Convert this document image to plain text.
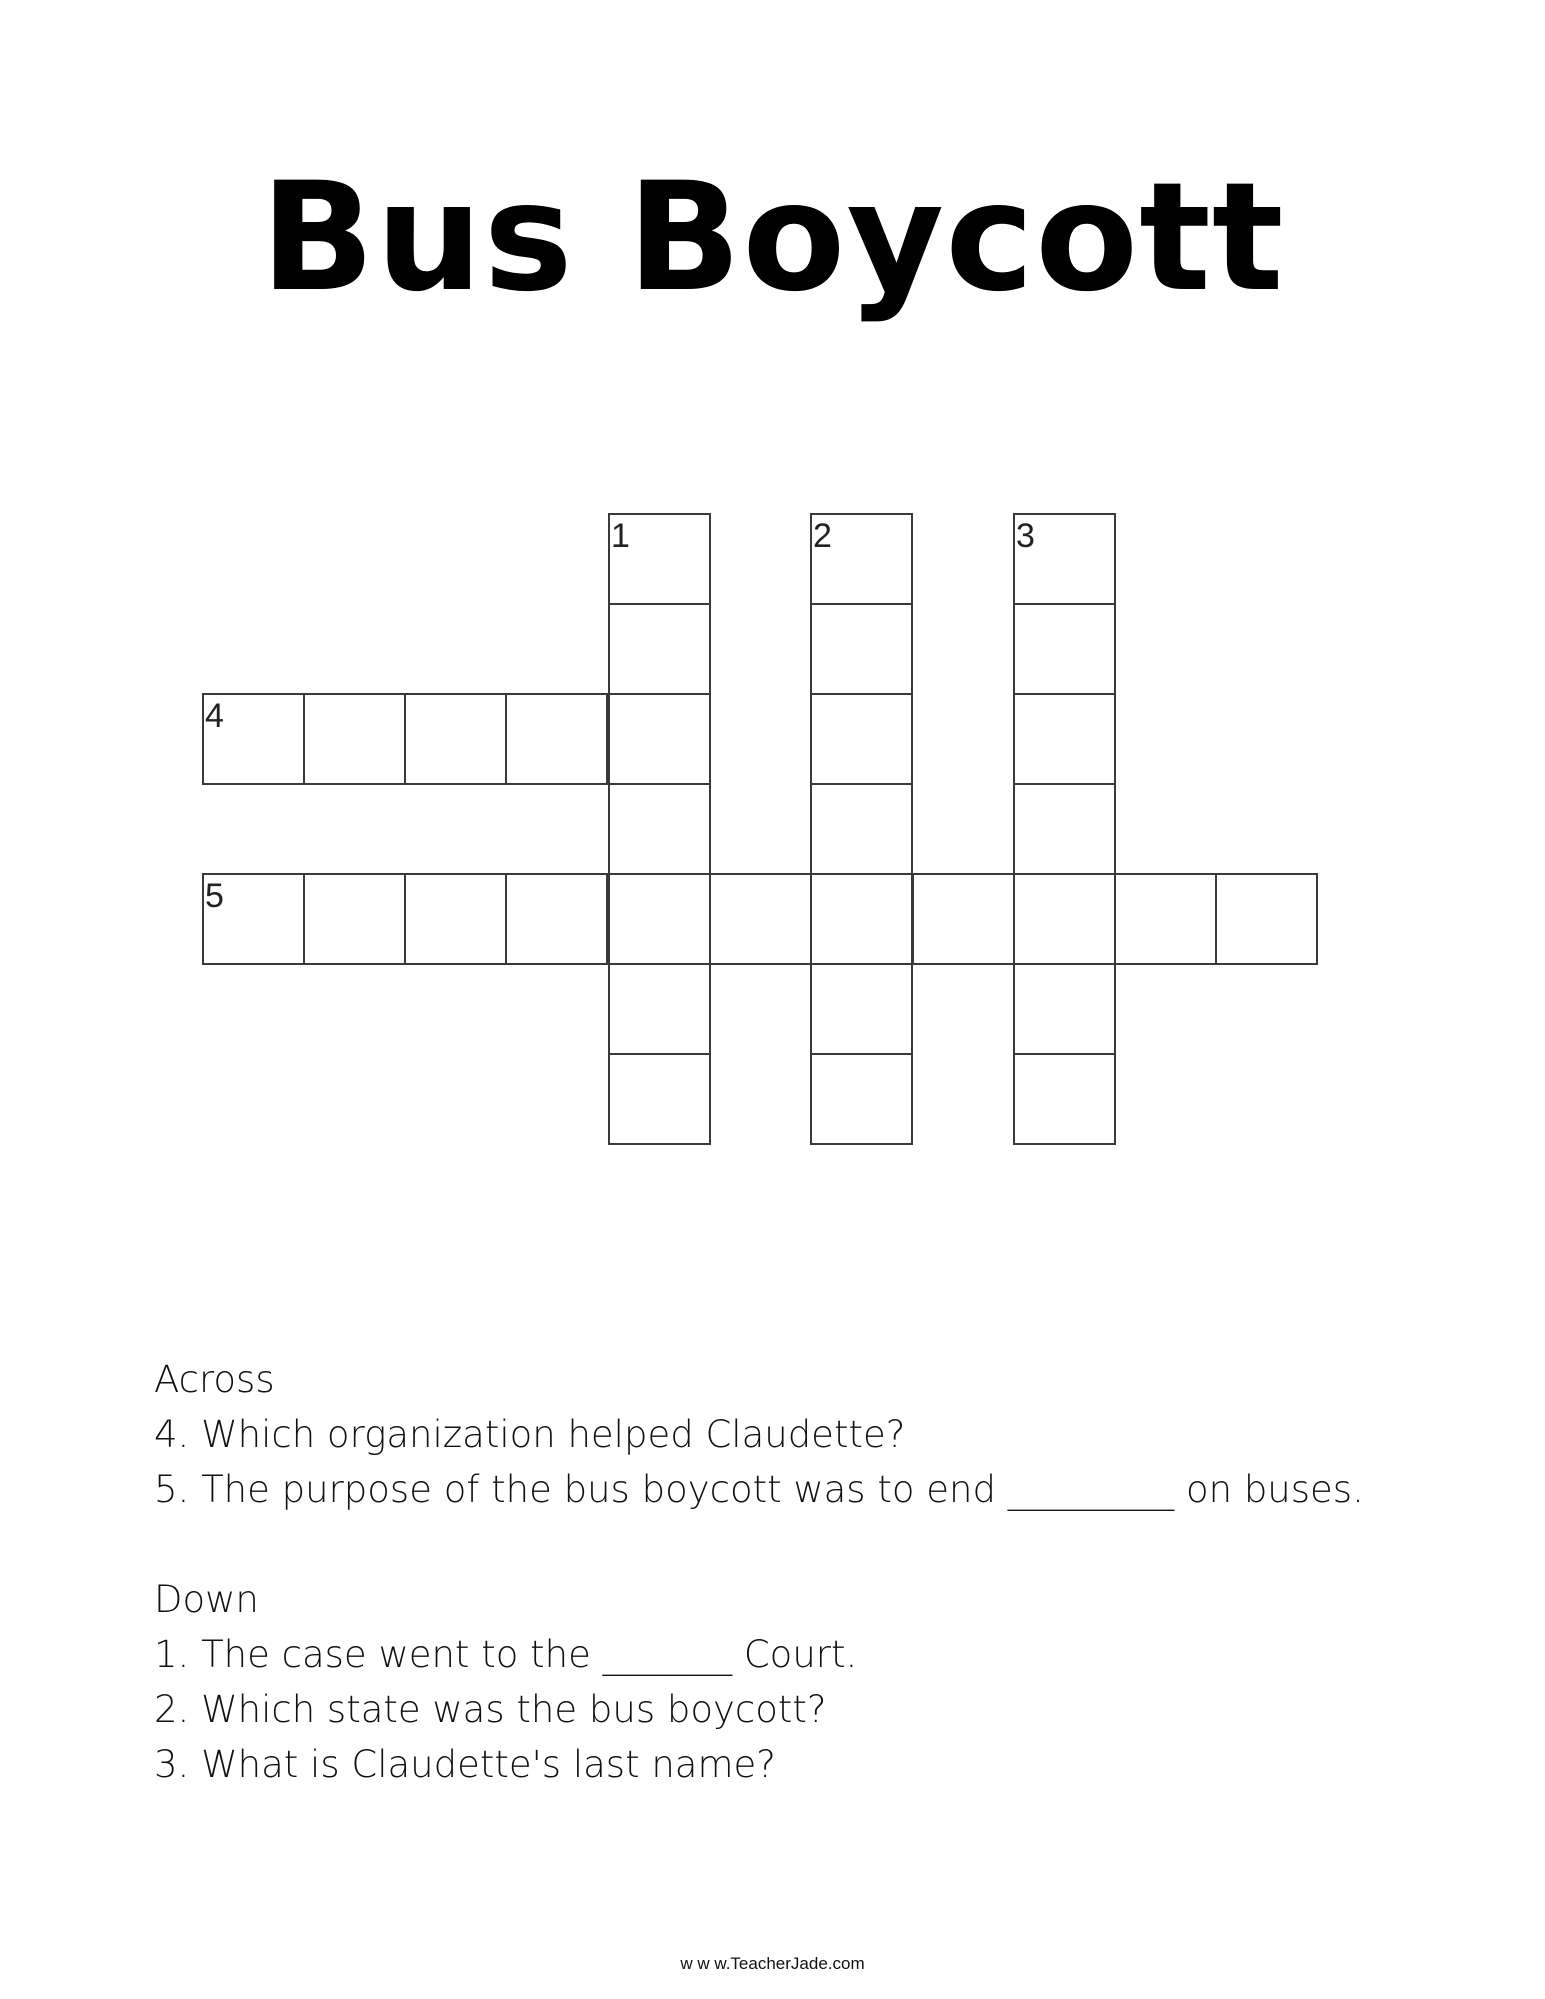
Bus Boycott
1	2	3
4
5

Across

4. Which organization helped Claudette?

5. The purpose of the bus boycott was to end _________ on buses.

Down

1. The case went to the _______ Court.

2. Which state was the bus boycott?

3. What is Claudette's last name?

w w w.TeacherJade.com
